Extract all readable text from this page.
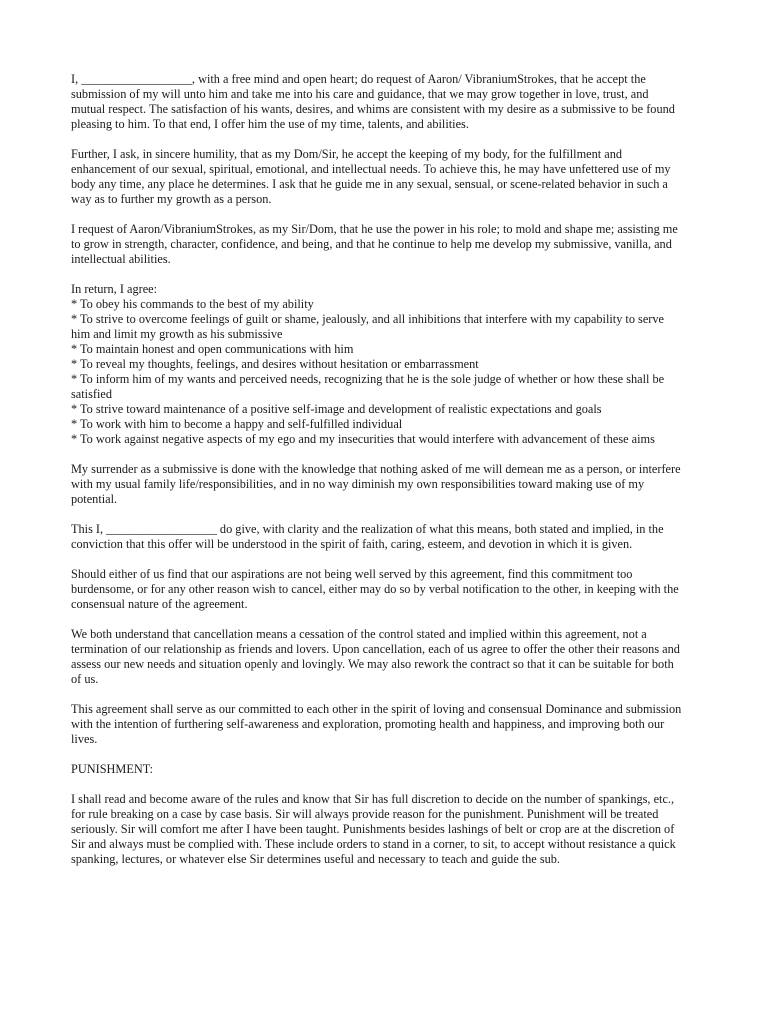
I, __________________, with a free mind and open heart; do request of Aaron/ VibraniumStrokes, that he accept the
submission of my will unto him and take me into his care and guidance, that we may grow together in love, trust, and
mutual respect. The satisfaction of his wants, desires, and whims are consistent with my desire as a submissive to be found
pleasing to him. To that end, I offer him the use of my time, talents, and abilities.

Further, I ask, in sincere humility, that as my Dom/Sir, he accept the keeping of my body, for the fulfillment and
enhancement of our sexual, spiritual, emotional, and intellectual needs. To achieve this, he may have unfettered use of my
body any time, any place he determines. I ask that he guide me in any sexual, sensual, or scene-related behavior in such a
way as to further my growth as a person.

I request of Aaron/VibraniumStrokes, as my Sir/Dom, that he use the power in his role; to mold and shape me; assisting me
to grow in strength, character, confidence, and being, and that he continue to help me develop my submissive, vanilla, and
intellectual abilities.

In return, I agree:

* To obey his commands to the best of my ability
* To strive to overcome feelings of guilt or shame, jealously, and all inhibitions that interfere with my capability to serve
him and limit my growth as his submissive
* To maintain honest and open communications with him
* To reveal my thoughts, feelings, and desires without hesitation or embarrassment
* To inform him of my wants and perceived needs, recognizing that he is the sole judge of whether or how these shall be
satisfied
* To strive toward maintenance of a positive self-image and development of realistic expectations and goals
* To work with him to become a happy and self-fulfilled individual
* To work against negative aspects of my ego and my insecurities that would interfere with advancement of these aims

My surrender as a submissive is done with the knowledge that nothing asked of me will demean me as a person, or interfere
with my usual family life/responsibilities, and in no way diminish my own responsibilities toward making use of my
potential.

This I, __________________ do give, with clarity and the realization of what this means, both stated and implied, in the
conviction that this offer will be understood in the spirit of faith, caring, esteem, and devotion in which it is given.

Should either of us find that our aspirations are not being well served by this agreement, find this commitment too
burdensome, or for any other reason wish to cancel, either may do so by verbal notification to the other, in keeping with the
consensual nature of the agreement.

We both understand that cancellation means a cessation of the control stated and implied within this agreement, not a
termination of our relationship as friends and lovers. Upon cancellation, each of us agree to offer the other their reasons and
assess our new needs and situation openly and lovingly. We may also rework the contract so that it can be suitable for both
of us.

This agreement shall serve as our committed to each other in the spirit of loving and consensual Dominance and submission
with the intention of furthering self-awareness and exploration, promoting health and happiness, and improving both our
lives.

PUNISHMENT:

I shall read and become aware of the rules and know that Sir has full discretion to decide on the number of spankings, etc.,
for rule breaking on a case by case basis. Sir will always provide reason for the punishment. Punishment will be treated
seriously. Sir will comfort me after I have been taught. Punishments besides lashings of belt or crop are at the discretion of
Sir and always must be complied with. These include orders to stand in a corner, to sit, to accept without resistance a quick
spanking, lectures, or whatever else Sir determines useful and necessary to teach and guide the sub.
